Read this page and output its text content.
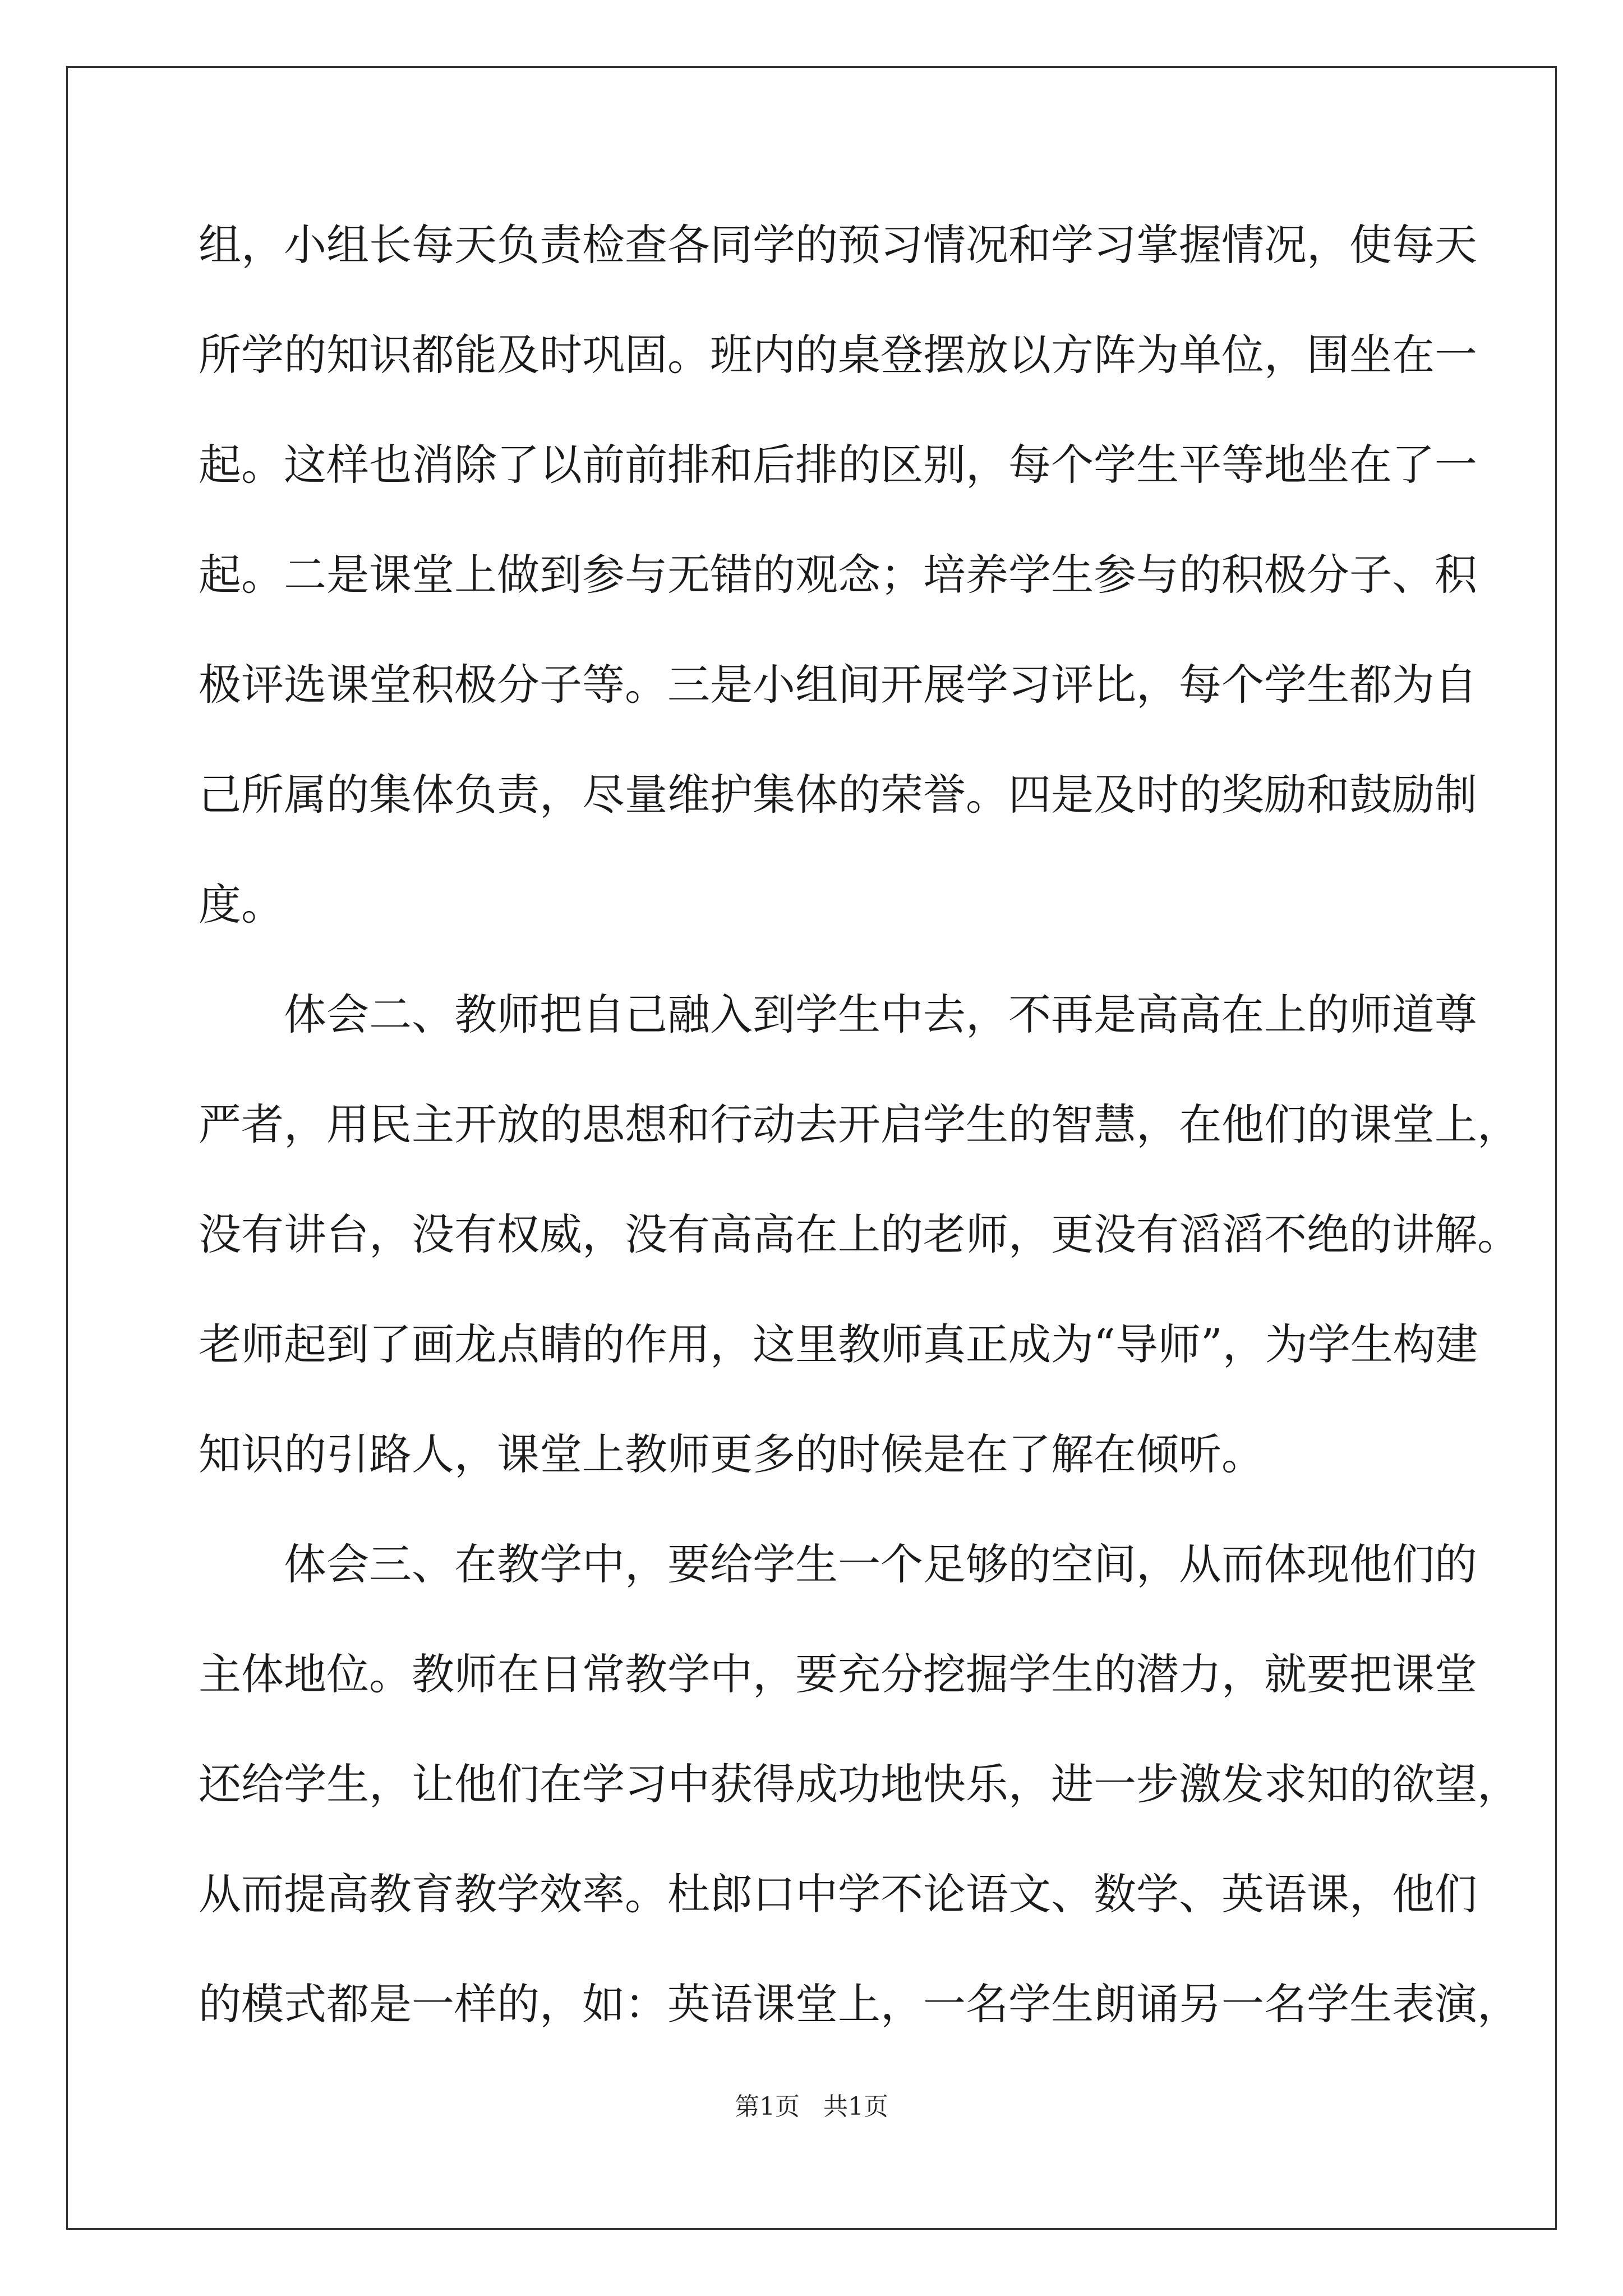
组，小组长每天负责检查各同学的预习情况和学习掌握情况，使每天
所学的知识都能及时巩固。班内的桌登摆放以方阵为单位，围坐在一
起。这样也消除了以前前排和后排的区别，每个学生平等地坐在了一
起。二是课堂上做到参与无错的观念；培养学生参与的积极分子、积
极评选课堂积极分子等。三是小组间开展学习评比，每个学生都为自
己所属的集体负责，尽量维护集体的荣誉。四是及时的奖励和鼓励制
度。
体会二、教师把自己融入到学生中去，不再是高高在上的师道尊
严者，用民主开放的思想和行动去开启学生的智慧，在他们的课堂上，
没有讲台，没有权威，没有高高在上的老师，更没有滔滔不绝的讲解。
老师起到了画龙点睛的作用，这里教师真正成为“导师”，为学生构建
知识的引路人，课堂上教师更多的时候是在了解在倾听。
体会三、在教学中，要给学生一个足够的空间，从而体现他们的
主体地位。教师在日常教学中，要充分挖掘学生的潜力，就要把课堂
还给学生，让他们在学习中获得成功地快乐，进一步激发求知的欲望，
从而提高教育教学效率。杜郎口中学不论语文、数学、英语课，他们
的模式都是一样的，如：英语课堂上，一名学生朗诵另一名学生表演，
第1页   共1页
